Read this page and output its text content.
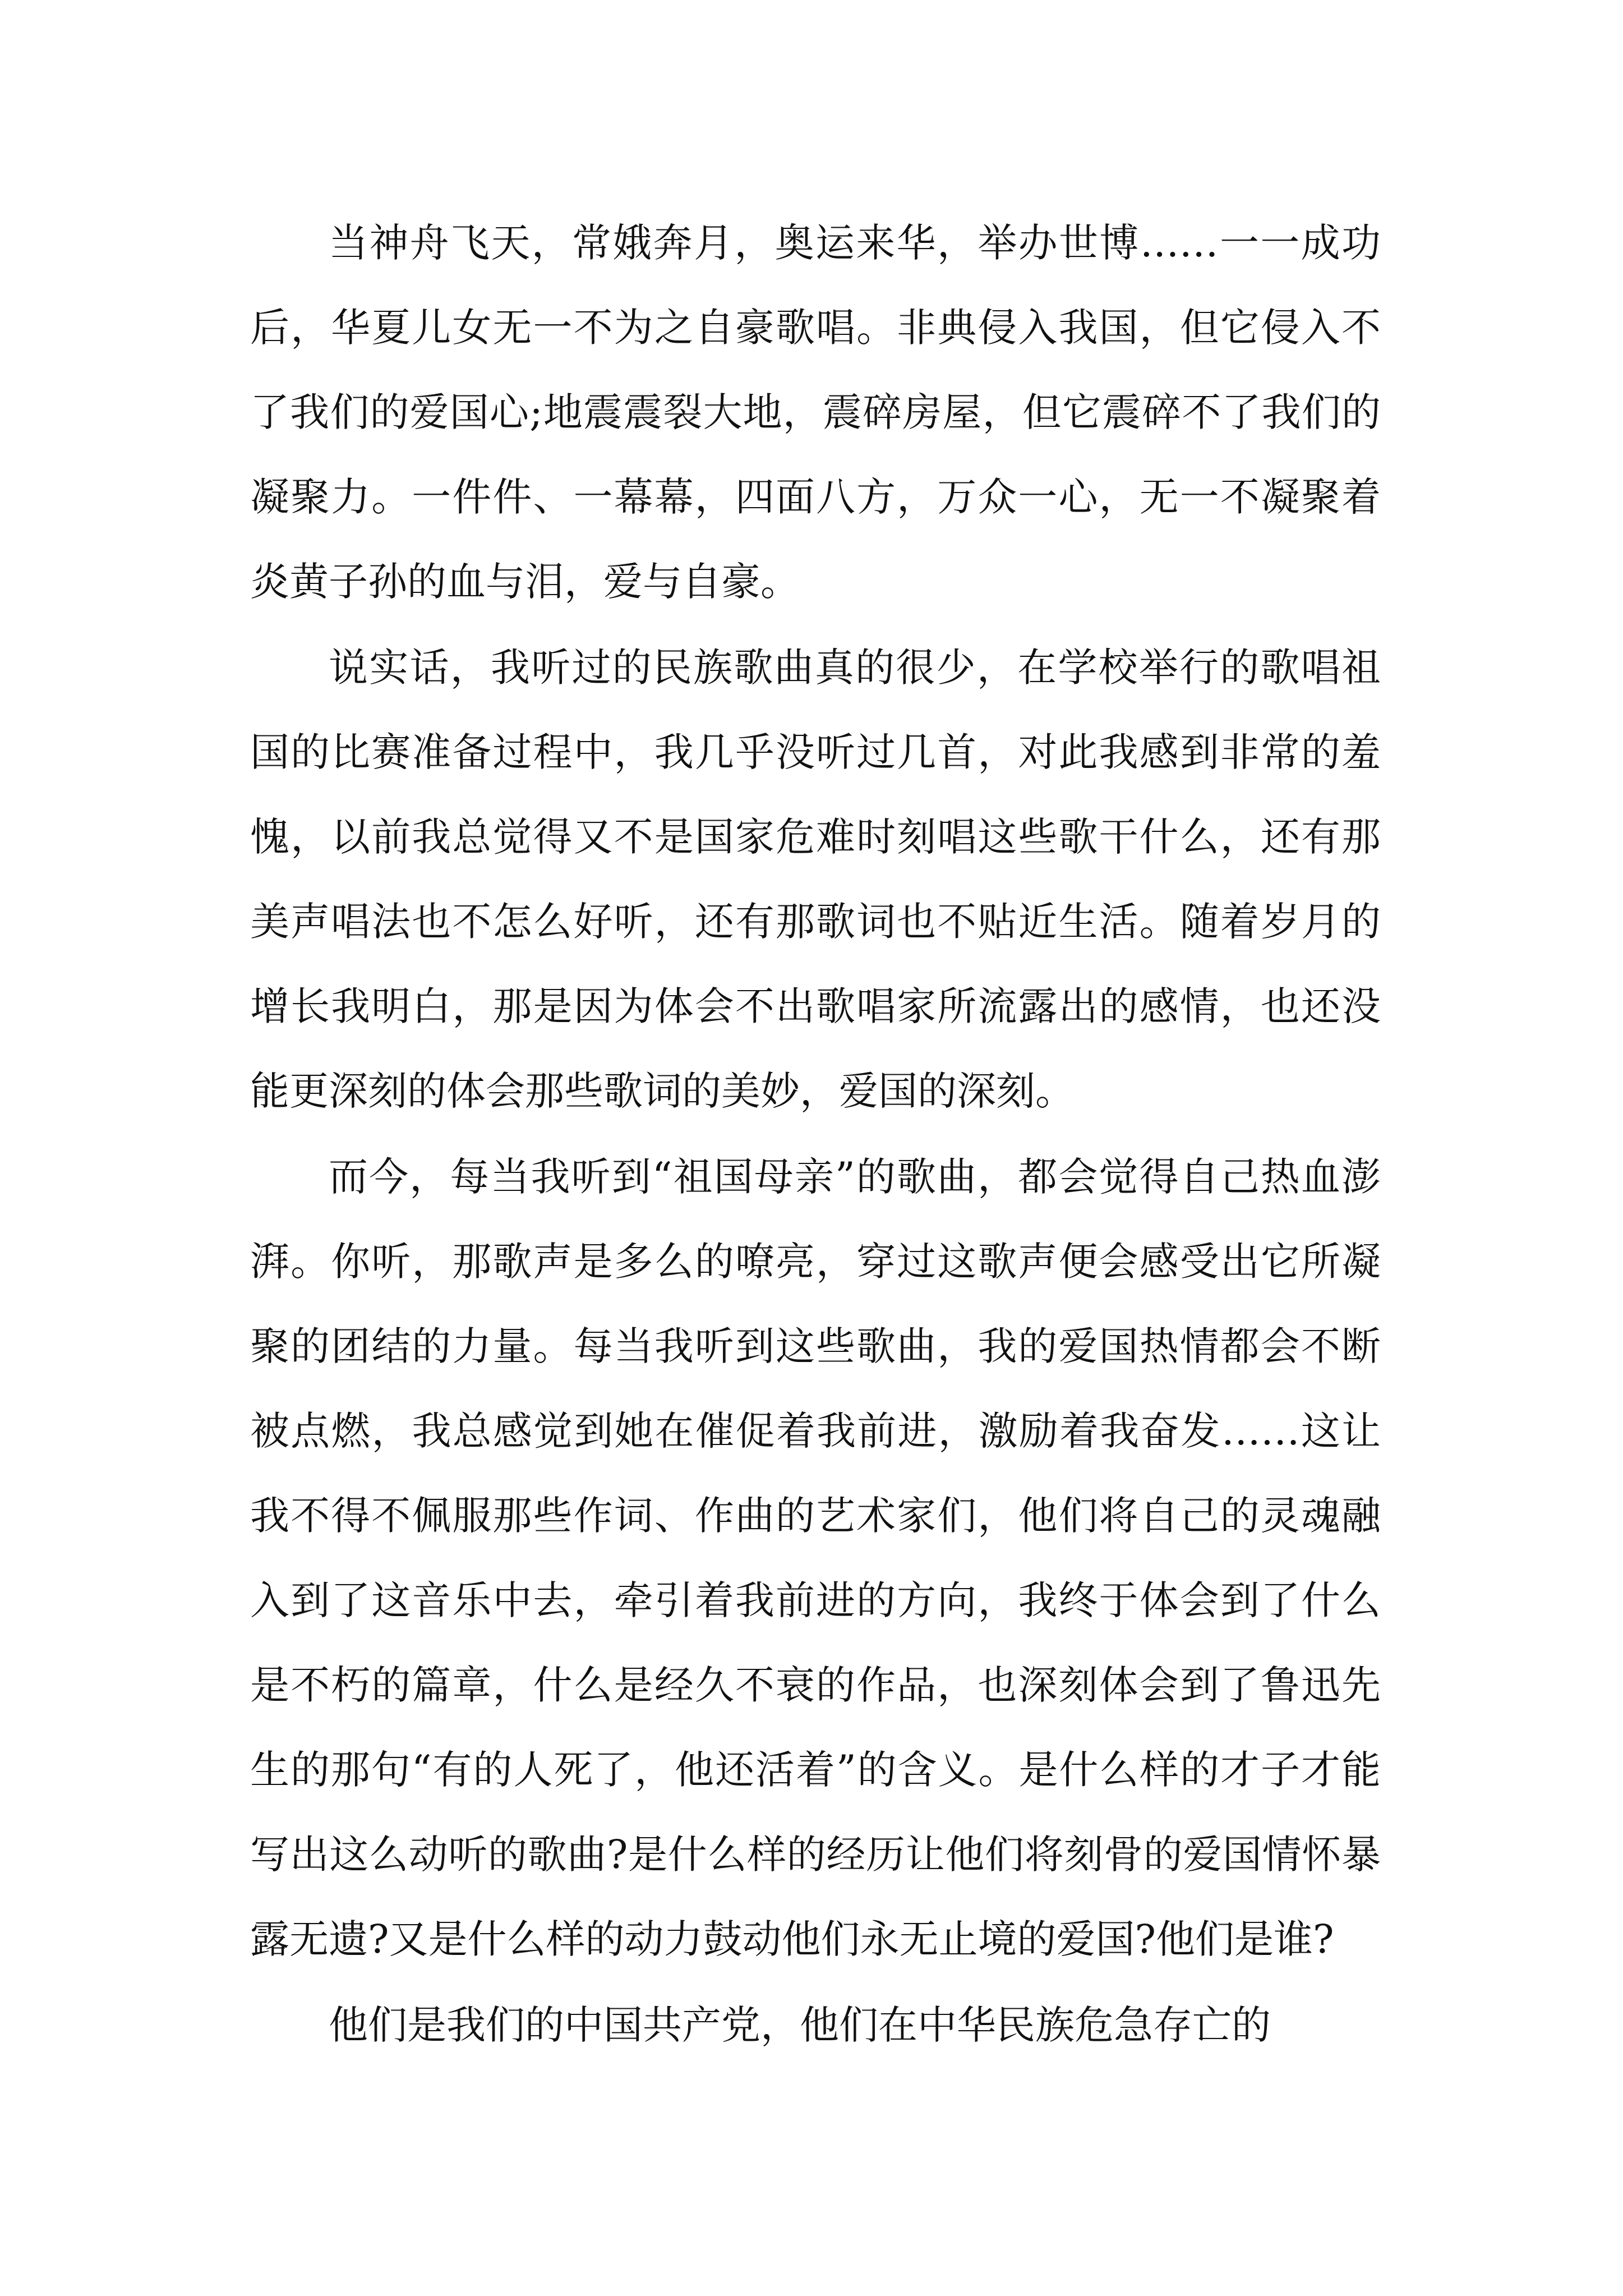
当神舟飞天，常娥奔月，奥运来华，举办世博……一一成功后，华夏儿女无一不为之自豪歌唱。非典侵入我国，但它侵入不了我们的爱国心;地震震裂大地，震碎房屋，但它震碎不了我们的凝聚力。一件件、一幕幕，四面八方，万众一心，无一不凝聚着炎黄子孙的血与泪，爱与自豪。

说实话，我听过的民族歌曲真的很少，在学校举行的歌唱祖国的比赛准备过程中，我几乎没听过几首，对此我感到非常的羞愧，以前我总觉得又不是国家危难时刻唱这些歌干什么，还有那美声唱法也不怎么好听，还有那歌词也不贴近生活。随着岁月的增长我明白，那是因为体会不出歌唱家所流露出的感情，也还没能更深刻的体会那些歌词的美妙，爱国的深刻。

而今，每当我听到“祖国母亲”的歌曲，都会觉得自己热血澎湃。你听，那歌声是多么的嘹亮，穿过这歌声便会感受出它所凝聚的团结的力量。每当我听到这些歌曲，我的爱国热情都会不断被点燃，我总感觉到她在催促着我前进，激励着我奋发……这让我不得不佩服那些作词、作曲的艺术家们，他们将自己的灵魂融入到了这音乐中去，牵引着我前进的方向，我终于体会到了什么是不朽的篇章，什么是经久不衰的作品，也深刻体会到了鲁迅先生的那句“有的人死了，他还活着”的含义。是什么样的才子才能写出这么动听的歌曲?是什么样的经历让他们将刻骨的爱国情怀暴露无遗?又是什么样的动力鼓动他们永无止境的爱国?他们是谁?

他们是我们的中国共产党，他们在中华民族危急存亡的
